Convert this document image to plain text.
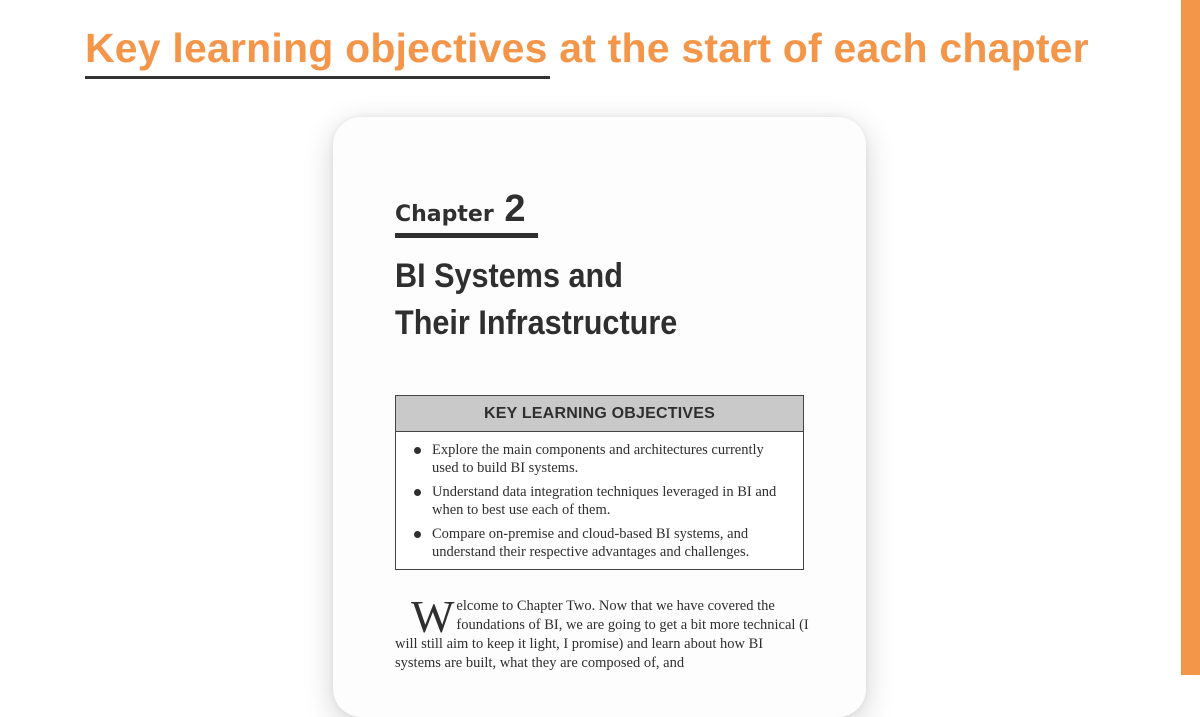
Key learning objectives at the start of each chapter
Chapter 2
BI Systems and
Their Infrastructure
KEY LEARNING OBJECTIVES
Explore the main components and architectures currently used to build BI systems.
Understand data integration techniques leveraged in BI and when to best use each of them.
Compare on-premise and cloud-based BI systems, and understand their respective advantages and challenges.

Welcome to Chapter Two. Now that we have covered the foundations of BI, we are going to get a bit more technical (I will still aim to keep it light, I promise) and learn about how BI systems are built, what they are composed of, and
